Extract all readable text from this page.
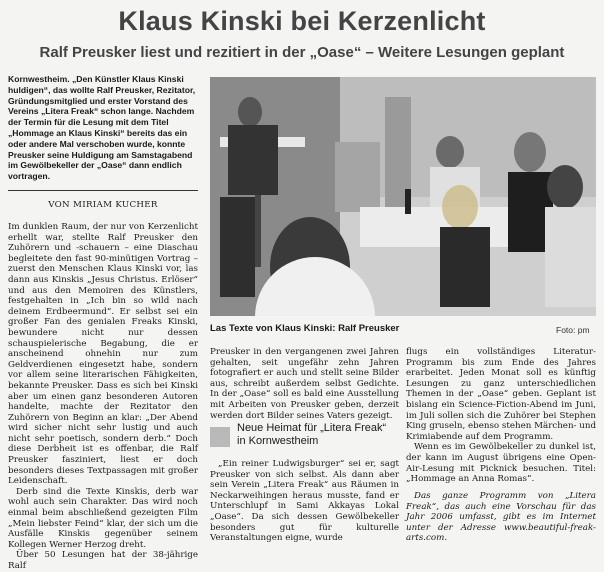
Klaus Kinski bei Kerzenlicht
Ralf Preusker liest und rezitiert in der „Oase“ – Weitere Lesungen geplant

Kornwestheim. „Den Künstler Klaus Kinski huldigen“, das wollte Ralf Preusker, Rezitator, Gründungsmitglied und erster Vorstand des Vereins „Litera Freak“ schon lange. Nachdem der Termin für die Lesung mit dem Titel „Hommage an Klaus Kinski“ bereits das ein oder andere Mal verschoben wurde, konnte Preusker seine Huldigung am Samstagabend im Gewölbekeller der „Oase“ dann endlich vortragen.

VON MIRIAM KUCHER

Im dunklen Raum, der nur von Kerzenlicht erhellt war, stellte Ralf Preusker den Zuhörern und -schauern – eine Diaschau begleitete den fast 90-minütigen Vortrag – zuerst den Menschen Klaus Kinski vor, las dann aus Kinskis „Jesus Christus. Erlöser“ und aus den Memoiren des Künstlers, festgehalten in „Ich bin so wild nach deinem Erdbeermund“. Er selbst sei ein großer Fan des genialen Freaks Kinski, bewundere nicht nur dessen schauspielerische Begabung, die er anscheinend ohnehin nur zum Geldverdienen eingesetzt habe, sondern vor allem seine literarischen Fähigkeiten, bekannte Preusker. Dass es sich bei Kinski aber um einen ganz besonderen Autoren handelte, machte der Rezitator den Zuhörern von Beginn an klar: „Der Abend wird sicher nicht sehr lustig und auch nicht sehr poetisch, sondern derb.“ Doch diese Derbheit ist es offenbar, die Ralf Preusker fasziniert, liest er doch besonders dieses Textpassagen mit großer Leidenschaft.

Derb sind die Texte Kinskis, derb war wohl auch sein Charakter. Das wird noch einmal beim abschließend gezeigten Film „Mein liebster Feind“ klar, der sich um die Ausfälle Kinskis gegenüber seinem Kollegen Werner Herzog dreht.

Über 50 Lesungen hat der 38-jährige Ralf

Las Texte von Klaus Kinski: Ralf Preusker	Foto: pm

Preusker in den vergangenen zwei Jahren gehalten, seit ungefähr zehn Jahren fotografiert er auch und stellt seine Bilder aus, schreibt außerdem selbst Gedichte. In der „Oase“ soll es bald eine Ausstellung mit Arbeiten von Preusker geben, derzeit werden dort Bilder seines Vaters gezeigt.

Neue Heimat für „Litera Freak“ in Kornwestheim

„Ein reiner Ludwigsburger“ sei er, sagt Preusker von sich selbst. Als dann aber sein Verein „Litera Freak“ aus Räumen in Neckarweihingen heraus musste, fand er Unterschlupf in Sami Akkayas Lokal „Oase“. Da sich dessen Gewölbekeller besonders gut für kulturelle Veranstaltungen eigne, wurde

flugs ein vollständiges Literatur-Programm bis zum Ende des Jahres erarbeitet. Jeden Monat soll es künftig Lesungen zu ganz unterschiedlichen Themen in der „Oase“ geben. Geplant ist bislang ein Science-Fiction-Abend im Juni, im Juli sollen sich die Zuhörer bei Stephen King gruseln, ebenso stehen Märchen- und Krimiabende auf dem Programm.

Wenn es im Gewölbekeller zu dunkel ist, der kann im August übrigens eine Open-Air-Lesung mit Picknick besuchen. Titel: „Hommage an Anna Romas“.

Das ganze Programm von „Litera Freak“, das auch eine Vorschau für das Jahr 2006 umfasst, gibt es im Internet unter der Adresse www.beautiful-freak-arts.com.
